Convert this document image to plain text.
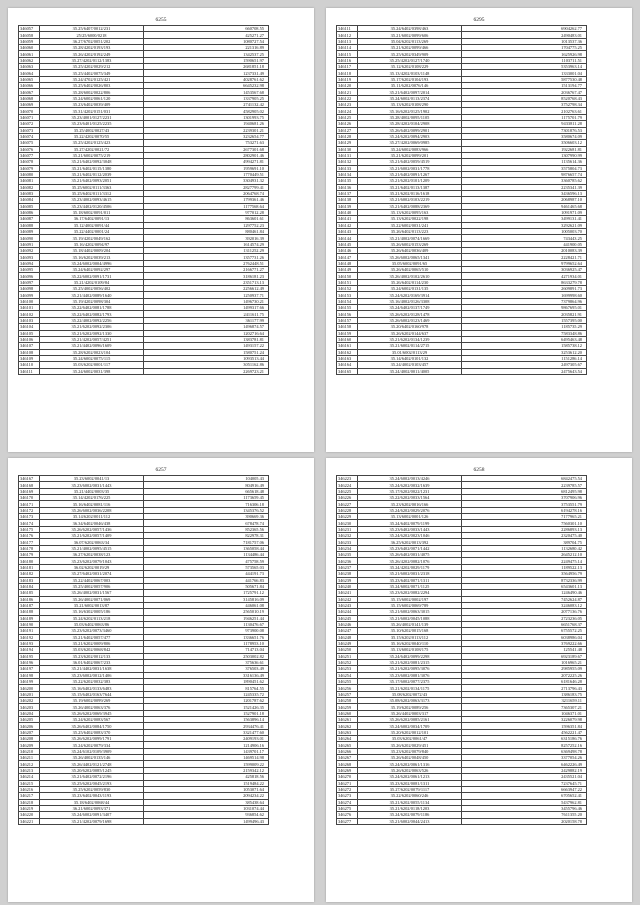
6255
346057	35.25/6407/0012/231	660708.55
346058	25/25/6000/0218	425271.27
346059	36.27/6702/0051/202	1080727.54
346060	35.28/4202/0193/193	221316.89
346061	35.26/4202/0192/249	1342537.25
346062	35.27/4202/0112/1383	1590651.97
346063	35.25/4202/0029/212	2681851.18
346064	35.25/4402/0075/349	1237331.49
346065	35.24/4702/0125/421	4028761.62
346066	35.25/6402/0026/803	6645232.98
346067	35.28/6002/0022/806	1453567.68
346068	35.24/6002/0061/120	1337905.25
346069	35.23/6402/0039/409	2741132.42
346070	35.31/4202/0151/031	4582905.02
346071	35.23/4001/0127/2231	1301993.75
346072	35.23/6401/0125/2235	1940681.26
346073	35.25/4002/0027/43	2239301.21
346074	35.22/4202/0070/55	3232654.77
346075	35.25/4202/0125/423	753271.63
346076	35.27/4202/0021/72	2677301.68
346077	35.21/6002/0075/219	2802901.46
346078	35.21/6402/0092/3048	4994271.81
346079	35.21/6402/0115/1380	1959691.10
346080	35.21/6402/0112/2039	1770449.51
346081	35.21/6402/0093/2051	3304931.32
346082	35.25/6002/0111/3363	2827799.41
346083	35.25/6402/0111/3312	2064768.74
346084	35.23/4002/0093/4615	1799361.46
346085	35.23/4402/0120/4506	1177568.64
346086	35.18/6002/0091/011	977012.28
346087	36.17/6402/0091/13	863601.61
346088	35.12/4002/0091/44	1297752.23
346089	35.22/4402/0001/24	880461.84
346090	35.19/4202/0049/162	392016.39
346091	35.16/4202/0094/97	1614574.29
346092	35.18/4402/0009/204	1311252.29
346093	35.16/6202/0039/213	1357731.26
346094	35.24/6002/0004/4996	2762448.51
346095	35.24/6402/0092/297	2166771.27
346096	35.22/6002/0091/1731	3186181.23
346097	35.21/4202/0109/84	2351713.13
346098	35.25/4002/0056/402	2256612.49
346099	35.21/4402/0089/1640	1250937.71
346100	35.19/4202/0098/304	1496730.21
346101	35.22/6402/0081/1788	1499317.66
346102	35.22/6402/0082/1793	2411611.75
346103	35.22/4002/0092/2256	361177.99
346104	35.21/6202/0092/2306	1496874.57
346105	35.21/6202/0092/1330	1202716.64
346106	35.21/4202/0057/4251	1383781.81
346107	35.21/4402/0096/1609	1493157.22
346108	35.28/6202/0023/104	1580751.24
346109	35.24/6002/0075/115	1093513.44
346110	35.03/6202/0001/117	3051162.86
346111	35.24/6002/0031/398	2269723.21
6295
346111	35.24/6402/0398/463	6904262.77
346112	35.21/6002/0099/606	2490483.01
346113	35.04/6202/0113/269	1013537.36
346114	35.21/6202/0099/466	1704775.25
346115	35.25/6202/0349/909	1625926.98
346116	35.25/4202/0127/1740	1103711.51
346117	35.12/6202/0108/229	5353963.14
346118	35.13/4202/0103/1148	1333001.04
346119	35.17/6202/0104/193	5877530.48
346120	35.11/6202/0076/146	1513194.77
346121	35.21/6402/0097/2014	2036767.47
346122	35.24/6002/0113/2374	8520768.43
346123	35.13/6202/0108/290	3752798.34
346124	35.16/6202/0125/1902	2102763.61
346125	35.28/4002/0095/1105	1175701.79
346126	35.28/4202/0104/2908	9433811.28
346127	35.26/6402/0099/2901	7301876.53
346128	35.24/6202/0094/2903	3580674.09
346129	35.27/4202/0069/0985	3506603.12
346130	35.24/6002/0083/966	1922681.81
346131	35.21/6202/0099/201	1307990.99
346132	35.21/6402/0059/4519	1135614.36
346133	35.21/6002/0031/1778	3575804.73
346134	35.21/6402/0091/1267	9876657.74
346135	35.21/6202/0101/1209	3360785.62
346136	35.21/6402/0113/1387	2235341.39
346137	35.21/6202/0116/1618	3436596.13
346138	35.21/6002/0103/2219	2068987.10
346139	35.21/6402/0088/2369	9461465.68
346140	35.13/6202/0095/163	1091971.09
346141	35.13/6202/0022/198	3499131.41
346142	35.22/6002/0031/241	3292621.09
346143	35.26/6402/0113/223	1005003.70
346144	35.21/4002/0074/1669	743443.25
346145	35.26/6002/0153/269	441900.05
346146	35.26/6402/0036/409	2010083.39
346147	35.26/6002/0065/1341	2228421.71
346148	35.05/6002/0091/65	9799652.64
346149	35.26/6402/0065/510	3036925.47
346150	35.26/4002/0102/2610	4271934.01
346151	35.26/6402/0114/230	8633279.78
346152	35.24/6002/0131/135	2609891.73
346153	35.24/6202/0169/3914	1699998.60
346154	35.16/4002/0126/3308	7379864.96
346155	35.24/6402/0137/1749	9867695.01
346156	35.26/6202/0128/1478	2035821.91
346157	35.26/6002/0123/1469	1557395.00
346158	35.20/6402/0160/978	1185735.29
346159	35.26/6202/0144/637	7583348.86
346160	35.21/6202/0134/1239	6495463.48
346161	35.21/6002/0114/2715	1585738.12
346162	35.01/6002/0113/29	3253612.20
346163	35.14/6402/0101/132	1151286.14
346164	35.24/4002/0103/457	2497305.67
346165	35.24/4002/0011/4005	2475643.54
6257
346167	35.23/6002/0041/13	104005.43
346168	35.23/6002/0031/1443	804916.49
346169	35.21/4402/0003/35	665618.48
346170	35.14/4202/0176/225	1173659.45
346171	35.16/6402/0081/116	716306.18
346172	35.26/6002/0036/2208	1345376.52
346173	35.14/6202/0011/112	390669.36
346174	36.34/6402/0046/438	678478.74
346175	35.26/6202/0057/1436	852365.56
346176	35.21/6202/0057/1409	822978.31
346177	36.07/6202/0063/34	7181757.06
346178	35.21/4002/0095/4515	1365058.44
346179	36.27/6202/0038/123	1134486.44
346180	35.23/6202/0079/1043	475758.59
346181	36.02/6202/0019/29	573565.03
346182	35.27/6402/0031/2074	444191.73
346183	35.22/4402/0067/003	441766.83
346184	35.25/4002/0057/906	505671.84
346185	35.26/4002/0031/1567	1725791.12
346186	35.26/4002/0071/069	3145816.09
346187	35.21/6002/0013/87	446061.08
346188	35.16/6302/0005/186	2565010.19
346189	35.24/6202/0113/218	1946251.44
346190	35.03/6402/0063/86	1130476.67
346191	35.23/6202/0073/3460	973900.08
346192	35.21/6402/0057/477	1336651.76
346193	35.21/6202/0009/806	1178953.10
346194	35.03/6202/0068/842	714713.04
346195	35.23/6202/0012/133	2503002.82
346196	36.01/6402/0067/233	375636.61
346197	35.21/4402/0031/1638	376503.49
346198	35.23/6002/0012/1406	3316136.49
346199	35.22/6202/0032/383	1890451.62
346200	35.16/6402/0133/6483	815764.55
346201	35.15/6402/0163/7644	1245335.72
346202	35.19/6002/0099/269	1201787.62
346203	35.26/4002/0063/376	1521426.35
346204	35.26/6202/0069/3945	1527901.18
346205	35.24/6202/0083/567	1563896.14
346206	35.26/6402/0084/1750	2934476.41
346207	35.25/6402/0083/370	3321477.60
346208	35.26/6202/0099/1791	2409193.01
346209	35.24/6202/0079/334	1214906.16
346210	35.24/6102/0109/3909	1439701.17
346211	35.26/4002/0135/146	1469514.98
346212	35.26/4402/0121/2748	1599009.22
346213	35.20/6202/0085/1245	2159342.12
346214	35.21/6402/0072/2196	425818.56
346215	35.25/6202/0045/2193	1519484.22
346216	35.25/6202/0059/830	1053071.64
346217	35.23/6402/0043/1193	2094234.22
346218	35.18/6402/0068/44	385438.64
346219	36.21/6002/0093/371	1031074.44
346220	35.24/6002/0091/3407	936854.62
346221	35.21/4202/0079/1698	1499496.43
6258
346223	35.24/6002/0013/4246	6842475.54
346224	35.24/6202/0032/1639	2239785.57
346225	35.17/6202/0022/1231	6812495.98
346226	35.22/6202/0033/1564	3707906.96
346227	35.23/6202/0016/166	3753551.79
346228	35.24/6202/0029/2076	6194278.16
346229	35.13/6002/0001/126	7177965.21
346230	35.24/6402/0079/1199	7560301.10
346231	35.23/6402/0033/1443	2286893.13
346232	35.24/6202/0023/1046	2320475.40
346233	36.25/6202/0013/392	389704.75
346234	35.23/6402/0071/1442	1132680.42
346235	35.26/6402/0031/4075	2645212.10
346236	35.26/4202/0082/1076	2249475.14
346237	35.24/4202/0029/1179	1189522.13
346238	35.21/6002/0031/2318	3564956.79
346239	35.23/6402/0071/1311	8732336.99
346240	35.24/6002/0071/1125	6543601.13
346241	35.23/6202/0082/2294	1246490.46
346242	35.15/6002/0002/197	7452624.87
346243	35.15/6002/0069/789	3246083.12
346244	35.21/6002/0063/3015	2077136.76
346245	35.21/6002/0045/1088	2723236.05
346246	35.26/4002/0141/139	6651768.37
346247	35.10/6202/0015/168	6755572.25
346248	35.15/6202/0113/112	6038986.04
346249	35.16/6202/0040/110	3769222.66
346250	35.13/6002/0108/175	125541.48
346251	35.24/6402/0099/2298	6923189.67
346252	35.21/6202/0081/2315	1016965.21
346253	35.21/6202/0095/3076	2985955.09
346254	35.23/6002/0081/3076	2072225.26
346255	35.17/6002/0077/2375	6181646.28
346256	35.21/6202/0134/1175	2713796.43
346257	35.08/6202/0072/43	1386183.75
346258	35.08/6202/0063/3173	3211659.11
346259	35.19/6202/0089/256	7365307.21
346260	35.26/4402/0003/317	1046371.01
346261	35.26/6202/0085/2161	3226079.98
346262	35.24/6002/0034/1709	1596351.84
346263	35.20/6202/0012/101	4562221.47
346264	35.03/6202/0061/47	6315186.76
346265	35.26/6202/0029/451	8257252.16
346266	35.23/6202/0079/840	6369498.78
346267	35.26/6402/0048/450	3377054.26
346268	35.24/6202/0061/1316	6462226.49
346269	35.26/6202/0063/526	2429882.19
346270	35.24/6202/0061/1213	2435521.04
346271	35.23/6202/0081/1311	7237645.71
346272	35.27/6202/0079/1117	6663947.22
346273	35.22/6202/0060/246	6705652.41
346274	35.21/6202/0055/1134	5437962.81
346275	35.21/6202/0118/1203	3455796.46
346276	35.24/6202/0079/1186	7611355.20
346277	35.21/6002/0044/2413	2020158.78
